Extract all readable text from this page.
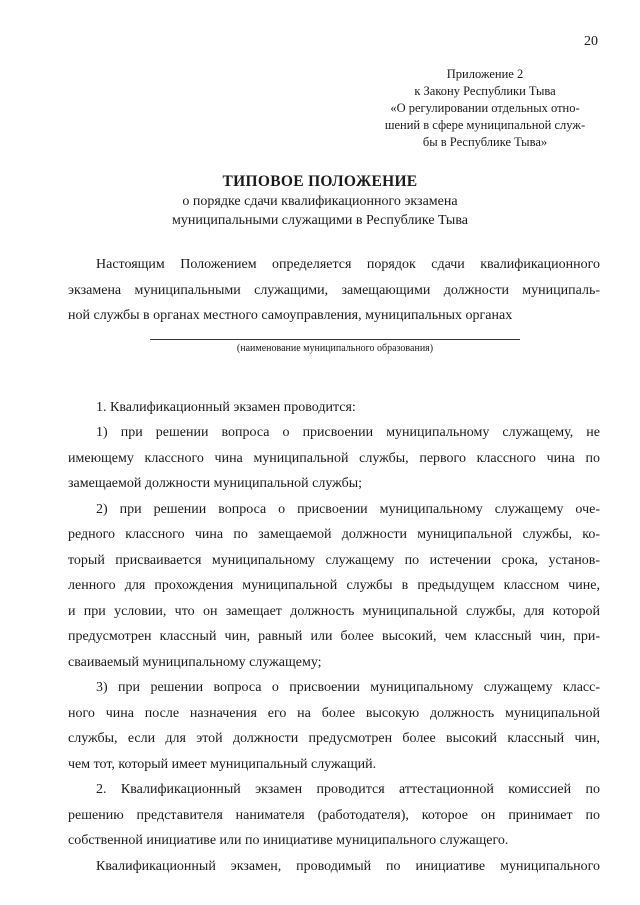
20
Приложение 2
к Закону Республики Тыва
«О регулировании отдельных отно-
шений в сфере муниципальной служ-
бы в Республике Тыва»
ТИПОВОЕ ПОЛОЖЕНИЕ
о порядке сдачи квалификационного экзамена
муниципальными служащими в Республике Тыва
Настоящим Положением определяется порядок сдачи квалификационного
экзамена муниципальными служащими, замещающими должности муниципаль-
ной службы в органах местного самоуправления, муниципальных органах
(наименование муниципального образования)
1. Квалификационный экзамен проводится:
1) при решении вопроса о присвоении муниципальному служащему, не
имеющему классного чина муниципальной службы, первого классного чина по
замещаемой должности муниципальной службы;
2) при решении вопроса о присвоении муниципальному служащему оче-
редного классного чина по замещаемой должности муниципальной службы, ко-
торый присваивается муниципальному служащему по истечении срока, установ-
ленного для прохождения муниципальной службы в предыдущем классном чине,
и при условии, что он замещает должность муниципальной службы, для которой
предусмотрен классный чин, равный или более высокий, чем классный чин, при-
сваиваемый муниципальному служащему;
3) при решении вопроса о присвоении муниципальному служащему класс-
ного чина после назначения его на более высокую должность муниципальной
службы, если для этой должности предусмотрен более высокий классный чин,
чем тот, который имеет муниципальный служащий.
2. Квалификационный экзамен проводится аттестационной комиссией по
решению представителя нанимателя (работодателя), которое он принимает по
собственной инициативе или по инициативе муниципального служащего.
Квалификационный экзамен, проводимый по инициативе муниципального
